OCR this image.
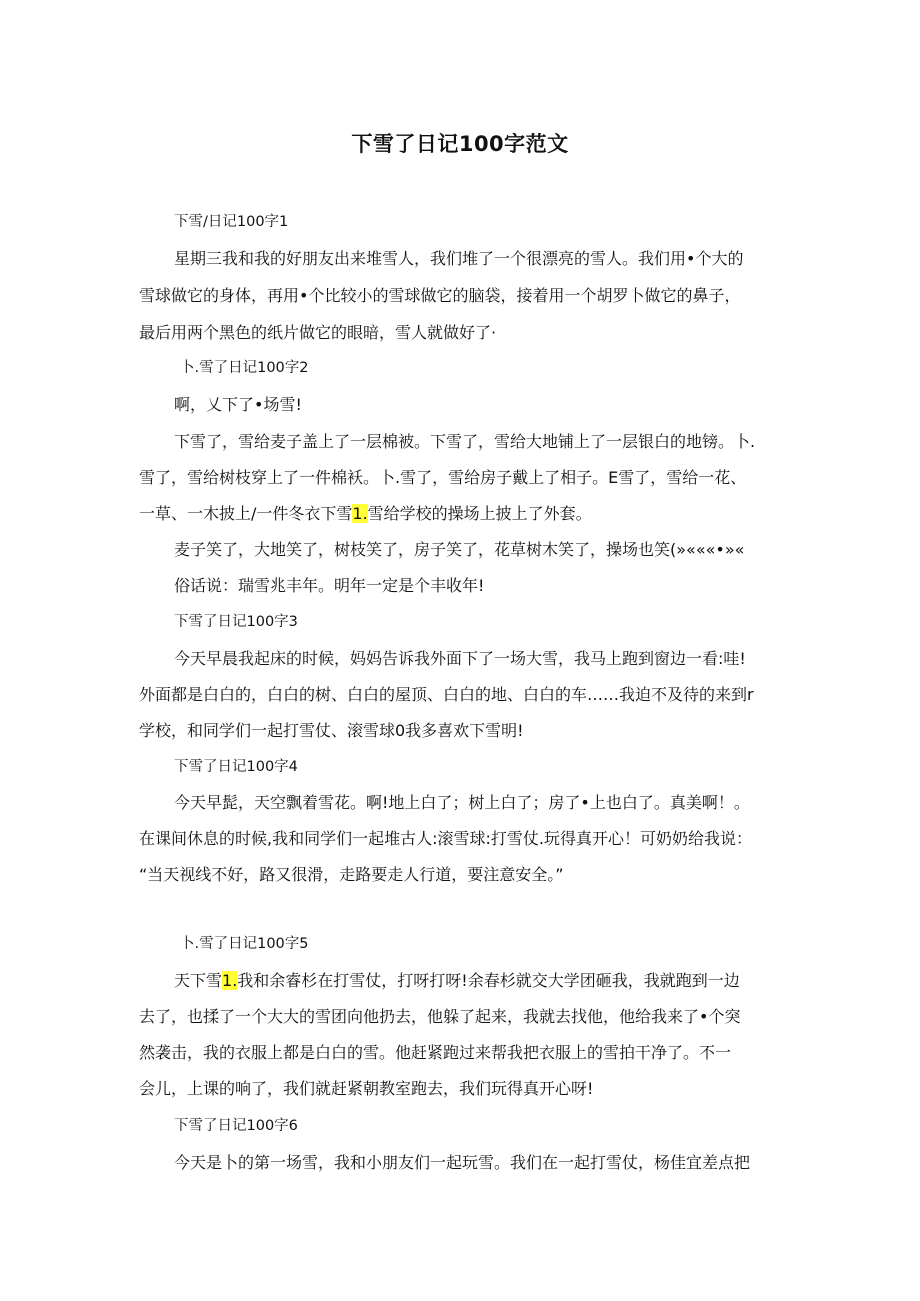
下雪了日记100字范文
下雪/日记100字1
星期三我和我的好朋友出来堆雪人，我们堆了一个很漂亮的雪人。我们用•个大的
雪球做它的身体，再用•个比较小的雪球做它的脑袋，接着用一个胡罗卜做它的鼻子，
最后用两个黑色的纸片做它的眼暗，雪人就做好了·
卜.雪了日记100字2
啊，乂下了•场雪!
下雪了，雪给麦子盖上了一层棉被。下雪了，雪给大地铺上了一层银白的地镑。卜.
雪了，雪给树枝穿上了一件棉袄。卜.雪了，雪给房子戴上了相子。E雪了，雪给一花、
一草、一木披上/一件冬衣下雪1.雪给学校的操场上披上了外套。
麦子笑了，大地笑了，树枝笑了，房子笑了，花草树木笑了，操场也笑(»«««•»«
俗话说：瑞雪兆丰年。明年一定是个丰收年!
下雪了日记100字3
今天早晨我起床的时候，妈妈告诉我外面下了一场大雪，我马上跑到窗边一看:哇!
外面都是白白的，白白的树、白白的屋顶、白白的地、白白的车……我迫不及待的来到r
学校，和同学们一起打雪仗、滚雪球0我多喜欢下雪明!
下雪了日记100字4
今天早髭，天空飘着雪花。啊!地上白了；树上白了；房了•上也白了。真美啊！。
在课间休息的时候,我和同学们一起堆古人:滚雪球:打雪仗.玩得真开心！可奶奶给我说：
“当天视线不好，路又很滑，走路要走人行道，要注意安全。”
卜.雪了日记100字5
天下雪1.我和余睿杉在打雪仗，打呀打呀!余春杉就交大学团砸我，我就跑到一边
去了，也揉了一个大大的雪团向他扔去，他躲了起来，我就去找他，他给我来了•个突
然袭击，我的衣服上都是白白的雪。他赶紧跑过来帮我把衣服上的雪拍干净了。不一
会儿，上课的响了，我们就赶紧朝教室跑去，我们玩得真开心呀!
下雪了日记100字6
今天是卜的第一场雪，我和小朋友们一起玩雪。我们在一起打雪仗，杨佳宜差点把
